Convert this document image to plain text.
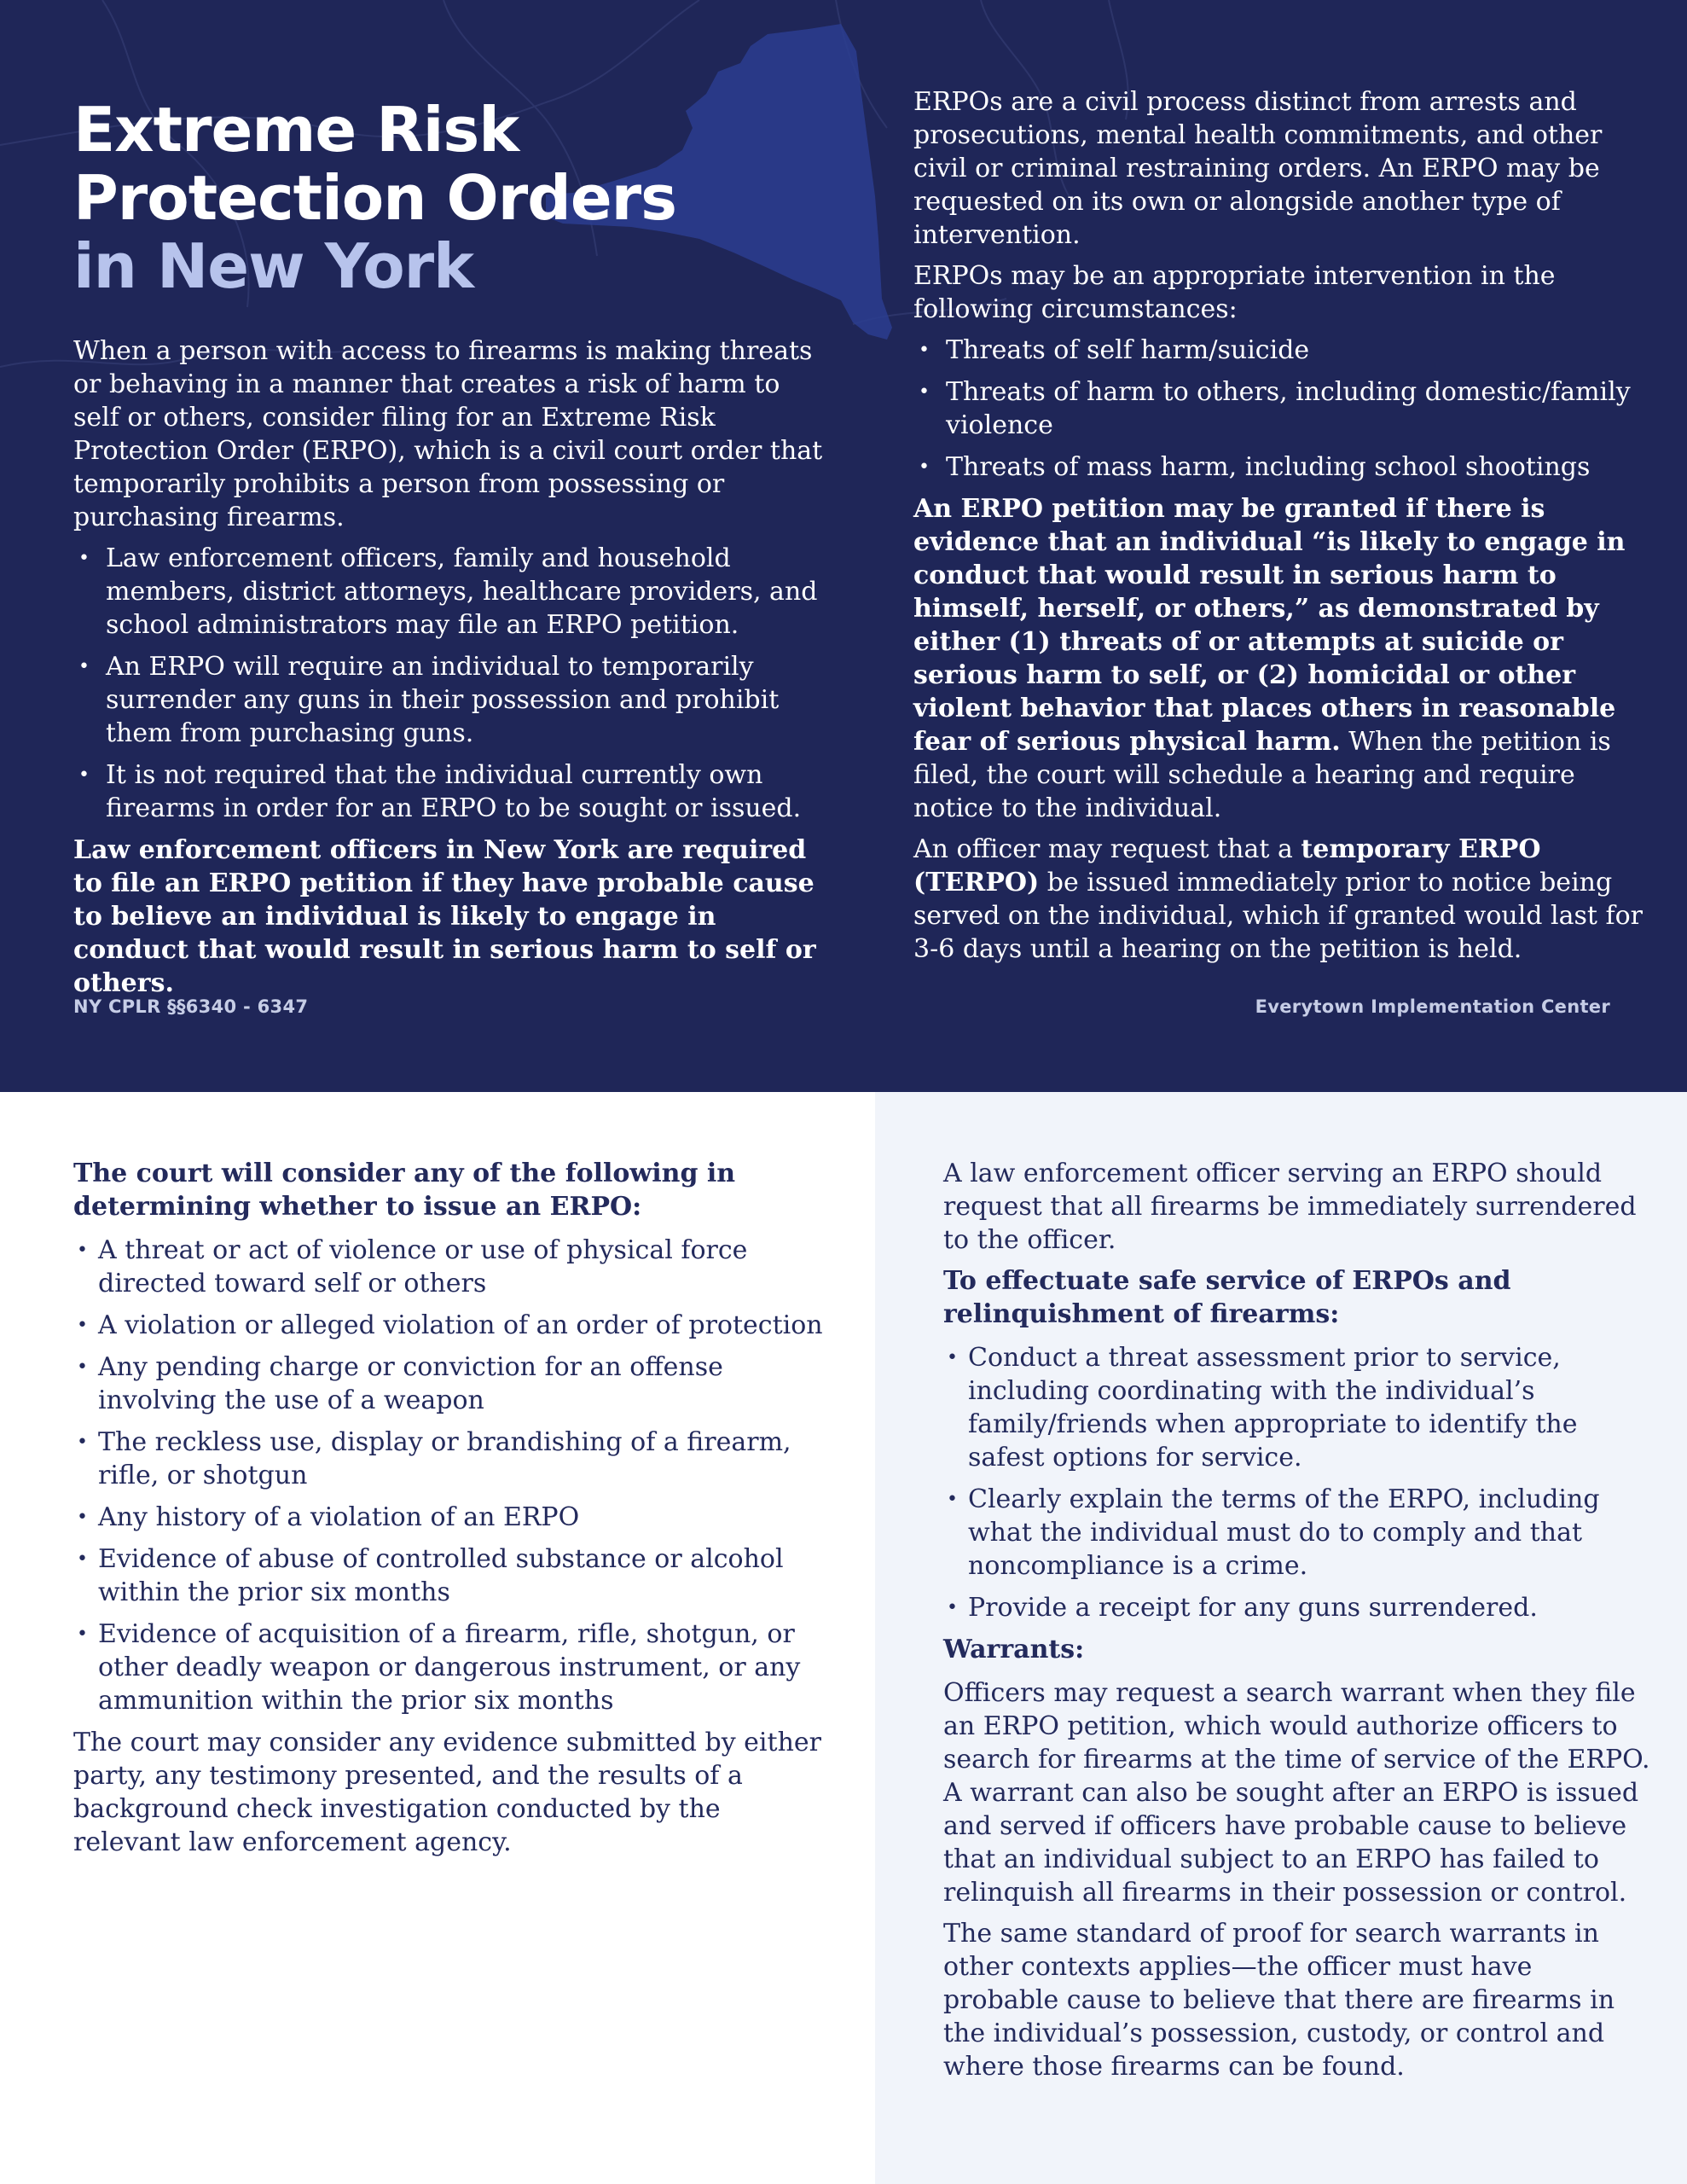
Extreme Risk
Protection Orders
in New York

When a person with access to firearms is making threats or behaving in a manner that creates a risk of harm to self or others, consider filing for an Extreme Risk Protection Order (ERPO), which is a civil court order that temporarily prohibits a person from possessing or purchasing firearms.

• Law enforcement officers, family and household members, district attorneys, healthcare providers, and school administrators may file an ERPO petition.
• An ERPO will require an individual to temporarily surrender any guns in their possession and prohibit them from purchasing guns.
• It is not required that the individual currently own firearms in order for an ERPO to be sought or issued.

Law enforcement officers in New York are required to file an ERPO petition if they have probable cause to believe an individual is likely to engage in conduct that would result in serious harm to self or others.

ERPOs are a civil process distinct from arrests and prosecutions, mental health commitments, and other civil or criminal restraining orders. An ERPO may be requested on its own or alongside another type of intervention.

ERPOs may be an appropriate intervention in the following circumstances:

• Threats of self harm/suicide
• Threats of harm to others, including domestic/family violence
• Threats of mass harm, including school shootings

An ERPO petition may be granted if there is evidence that an individual “is likely to engage in conduct that would result in serious harm to himself, herself, or others,” as demonstrated by either (1) threats of or attempts at suicide or serious harm to self, or (2) homicidal or other violent behavior that places others in reasonable fear of serious physical harm. When the petition is filed, the court will schedule a hearing and require notice to the individual.

An officer may request that a temporary ERPO (TERPO) be issued immediately prior to notice being served on the individual, which if granted would last for 3-6 days until a hearing on the petition is held.

NY CPLR §§6340 - 6347	Everytown Implementation Center

The court will consider any of the following in determining whether to issue an ERPO:

• A threat or act of violence or use of physical force directed toward self or others
• A violation or alleged violation of an order of protection
• Any pending charge or conviction for an offense involving the use of a weapon
• The reckless use, display or brandishing of a firearm, rifle, or shotgun
• Any history of a violation of an ERPO
• Evidence of abuse of controlled substance or alcohol within the prior six months
• Evidence of acquisition of a firearm, rifle, shotgun, or other deadly weapon or dangerous instrument, or any ammunition within the prior six months

The court may consider any evidence submitted by either party, any testimony presented, and the results of a background check investigation conducted by the relevant law enforcement agency.

A law enforcement officer serving an ERPO should request that all firearms be immediately surrendered to the officer.

To effectuate safe service of ERPOs and relinquishment of firearms:

• Conduct a threat assessment prior to service, including coordinating with the individual’s family/friends when appropriate to identify the safest options for service.
• Clearly explain the terms of the ERPO, including what the individual must do to comply and that noncompliance is a crime.
• Provide a receipt for any guns surrendered.

Warrants:

Officers may request a search warrant when they file an ERPO petition, which would authorize officers to search for firearms at the time of service of the ERPO. A warrant can also be sought after an ERPO is issued and served if officers have probable cause to believe that an individual subject to an ERPO has failed to relinquish all firearms in their possession or control.

The same standard of proof for search warrants in other contexts applies—the officer must have probable cause to believe that there are firearms in the individual’s possession, custody, or control and where those firearms can be found.
